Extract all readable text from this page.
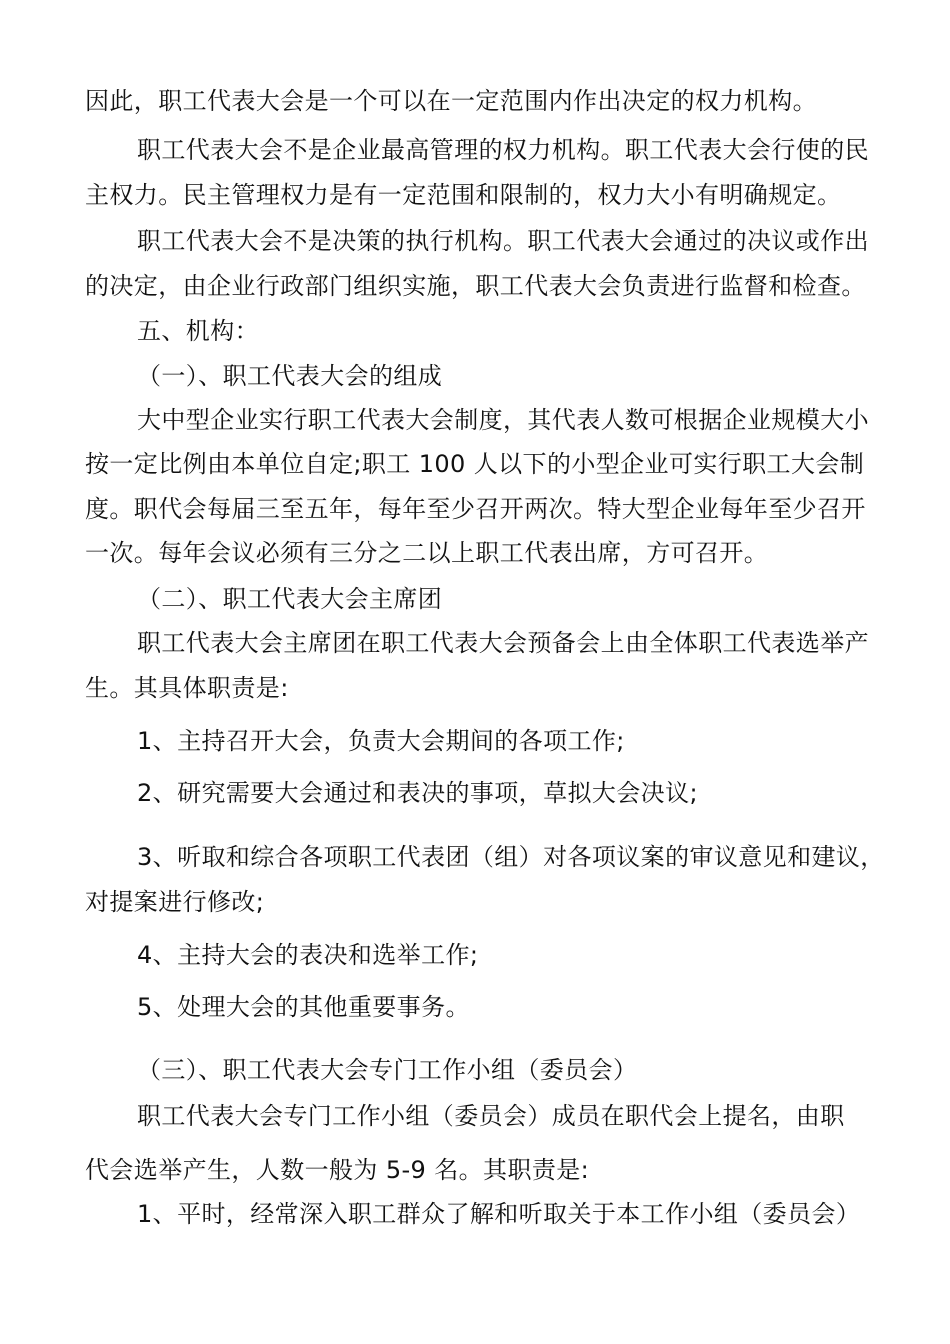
因此，职工代表大会是一个可以在一定范围内作出决定的权力机构。
职工代表大会不是企业最高管理的权力机构。职工代表大会行使的民
主权力。民主管理权力是有一定范围和限制的，权力大小有明确规定。
职工代表大会不是决策的执行机构。职工代表大会通过的决议或作出
的决定，由企业行政部门组织实施，职工代表大会负责进行监督和检查。
五、机构：
（一）、职工代表大会的组成
大中型企业实行职工代表大会制度，其代表人数可根据企业规模大小
按一定比例由本单位自定;职工 100 人以下的小型企业可实行职工大会制
度。职代会每届三至五年，每年至少召开两次。特大型企业每年至少召开
一次。每年会议必须有三分之二以上职工代表出席，方可召开。
（二）、职工代表大会主席团
职工代表大会主席团在职工代表大会预备会上由全体职工代表选举产
生。其具体职责是:
1、主持召开大会，负责大会期间的各项工作;
2、研究需要大会通过和表决的事项，草拟大会决议;
3、听取和综合各项职工代表团（组）对各项议案的审议意见和建议，
对提案进行修改;
4、主持大会的表决和选举工作;
5、处理大会的其他重要事务。
（三）、职工代表大会专门工作小组（委员会）
职工代表大会专门工作小组（委员会）成员在职代会上提名，由职
代会选举产生，人数一般为 5-9 名。其职责是:
1、平时，经常深入职工群众了解和听取关于本工作小组（委员会）
